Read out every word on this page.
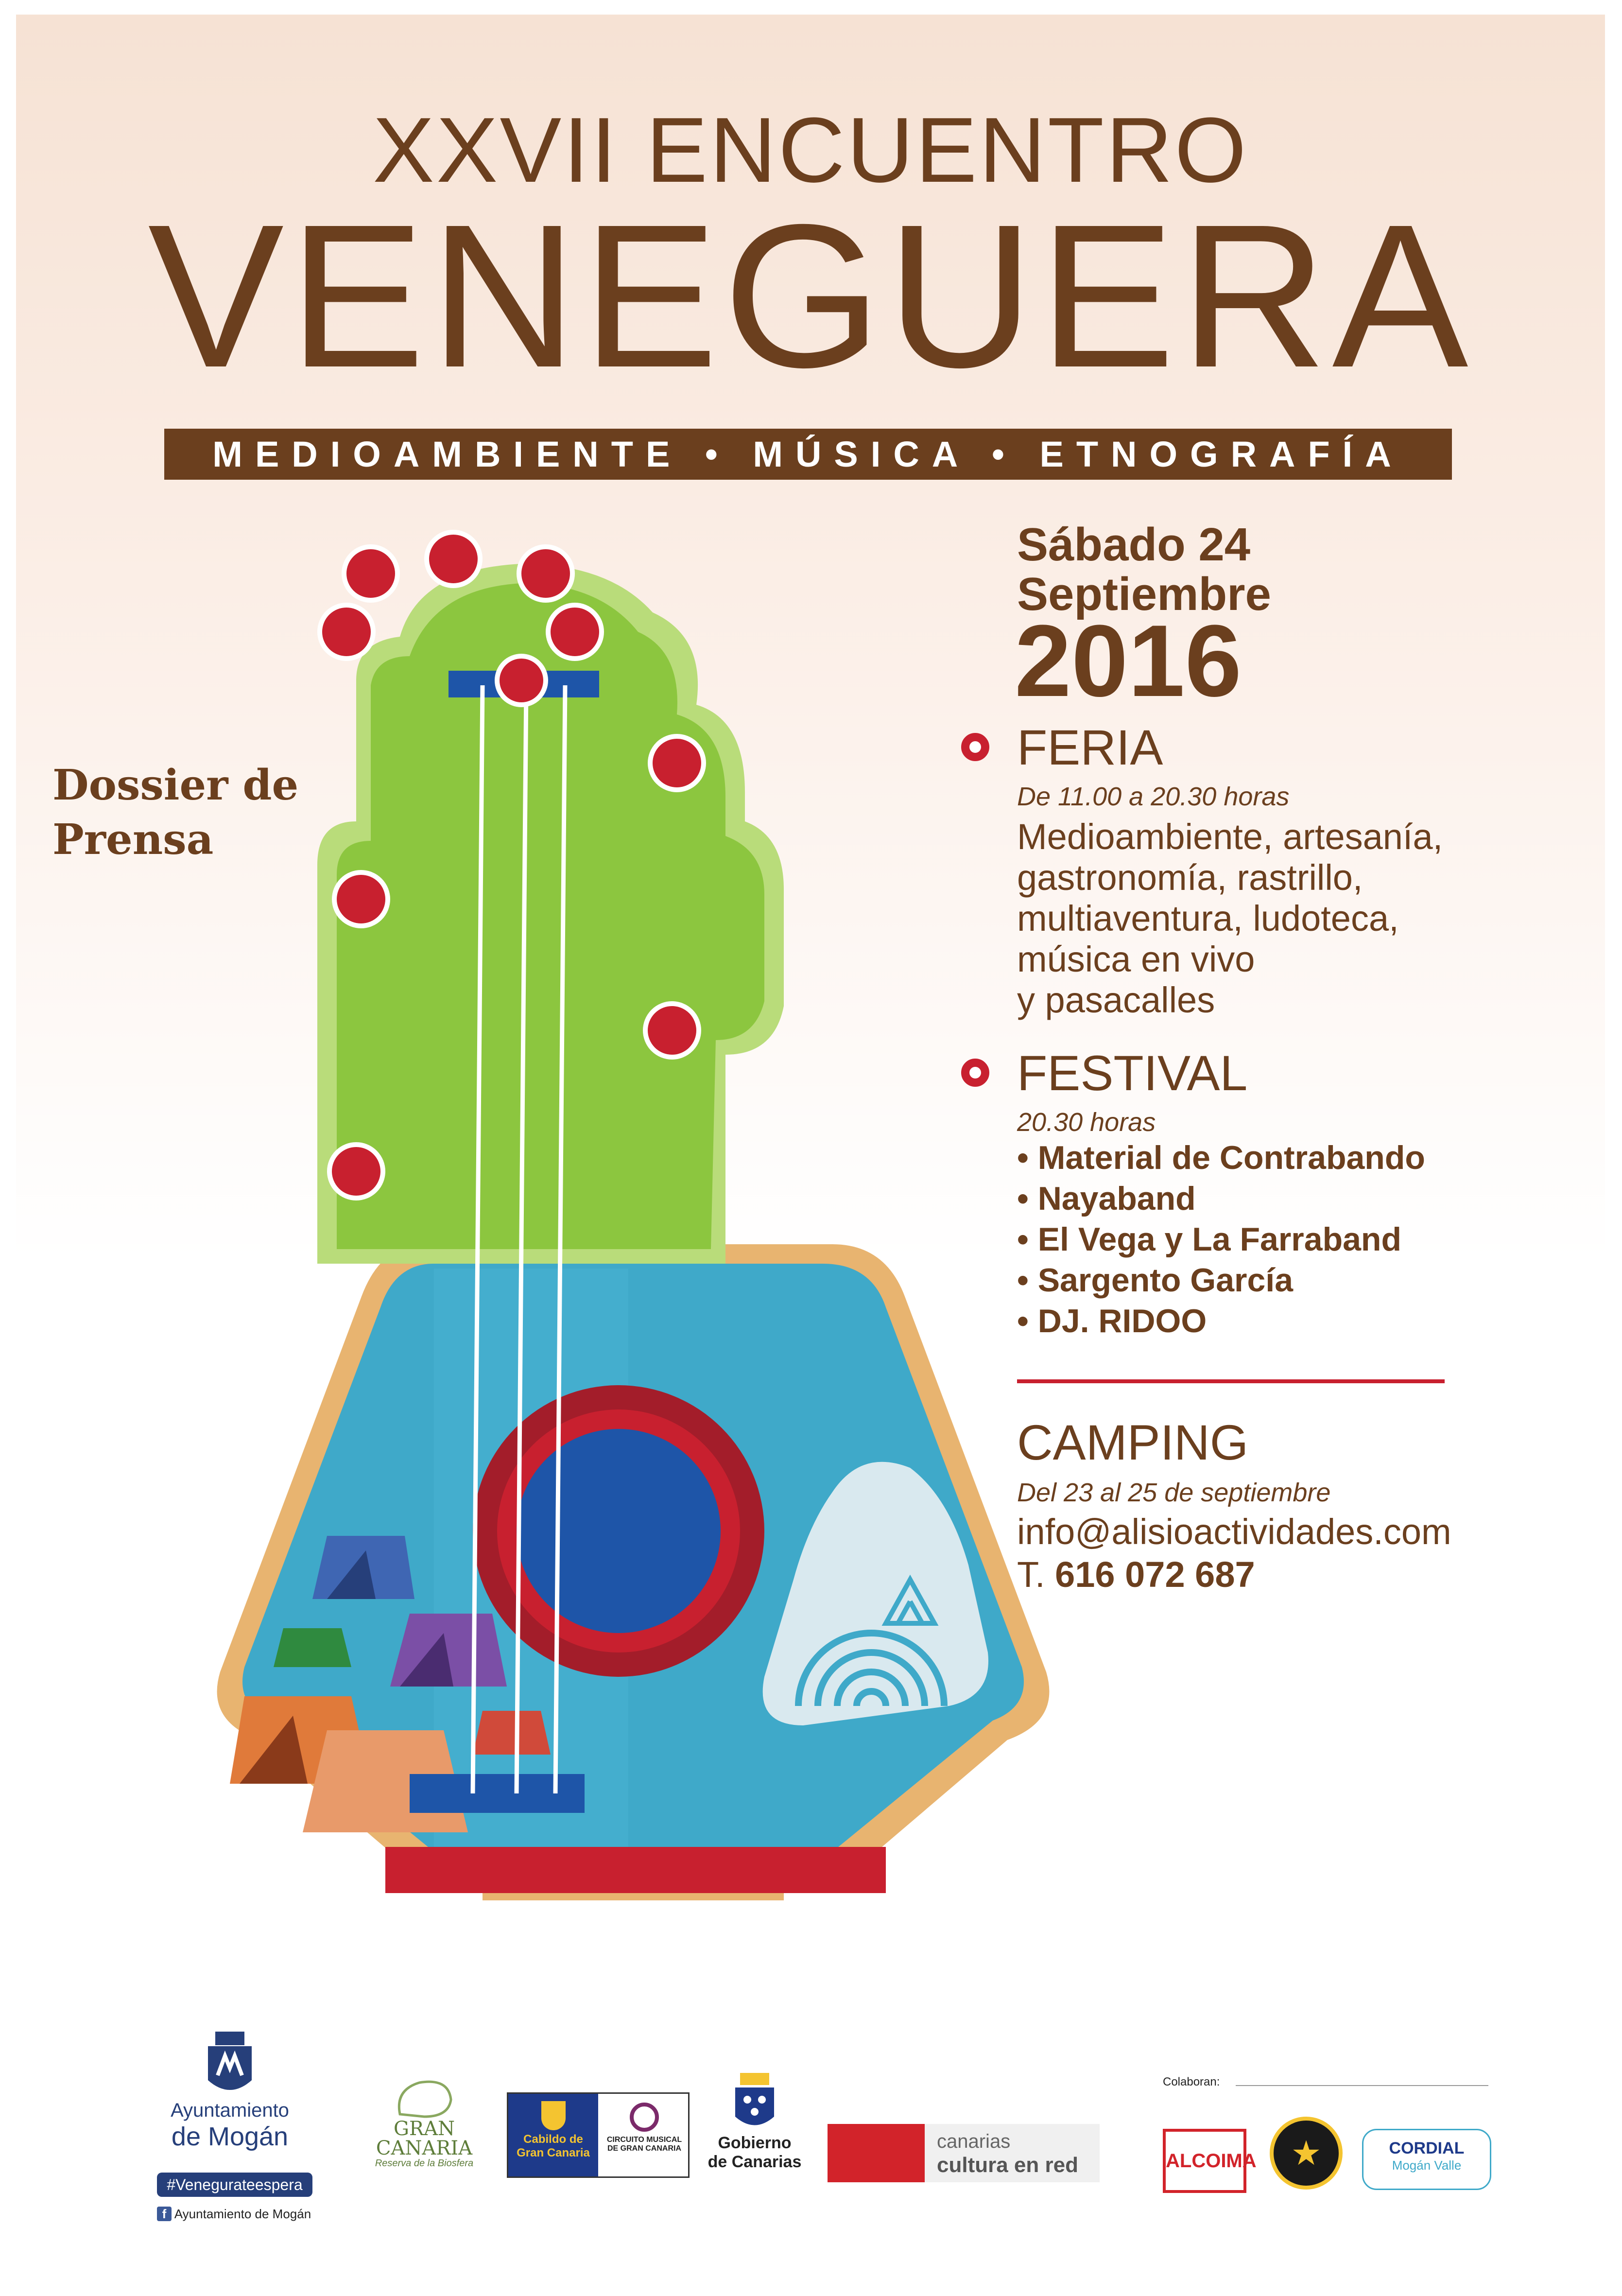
XXVII ENCUENTRO
VENEGUERA
MEDIOAMBIENTE • MÚSICA • ETNOGRAFÍA
Dossier de
Prensa
Sábado 24
Septiembre
2016
FERIA
De 11.00 a 20.30 horas
Medioambiente, artesanía,
gastronomía, rastrillo,
multiaventura, ludoteca,
música en vivo
y pasacalles
FESTIVAL
20.30 horas
• Material de Contrabando
• Nayaband
• El Vega y La Farraband
• Sargento García
• DJ. RIDOO
CAMPING
Del 23 al 25 de septiembre
info@alisioactividades.com
T. 616 072 687
Ayuntamiento
de Mogán
#Venegurateespera
f Ayuntamiento de Mogán
GRAN
CANARIA
Reserva de la Biosfera
Cabildo de
Gran Canaria
CIRCUITO MUSICAL
DE GRAN CANARIA	Gobierno
de Canarias
canarias
cultura en red
Colaboran:
ALCOIMA	★	CORDIAL
Mogán Valle
